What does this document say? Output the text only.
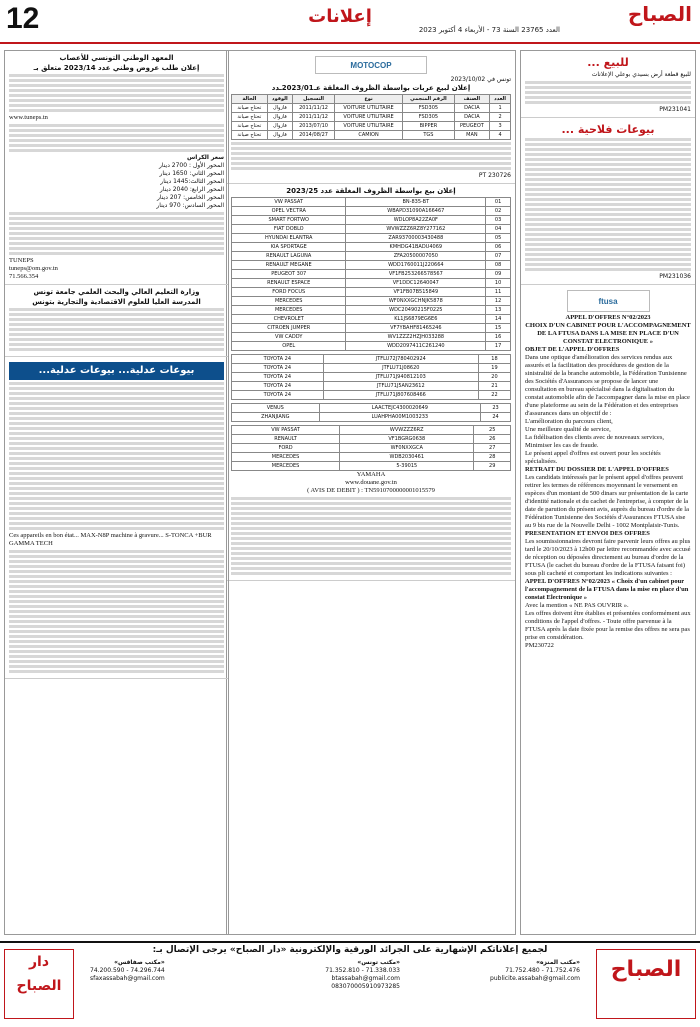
12	إعلانات	الصباح
العدد 23765 السنة 73 - الأربعاء 4 أكتوبر 2023
للبيع ...
للبيع قطعة أرض بسيدي بوعلي الإعلانات
PM231041
بيوعات فلاحية ...
PM231036
ftusa
APPEL D'OFFRES N°02/2023
CHOIX D'UN CABINET POUR L'ACCOMPAGNEMENT DE LA FTUSA DANS LA MISE EN PLACE D'UN CONSTAT ELECTRONIQUE »
OBJET DE L'APPEL D'OFFRES
Dans une optique d'amélioration des services rendus aux assurés et la facilitation des procédures de gestion de la sinistralité de la branche automobile, la Fédération Tunisienne des Sociétés d'Assurances se propose de lancer une consultation en bureau spécialisé dans la digitalisation du constat automobile afin de l'accompagner dans la mise en place d'une plateforme au sein de la Fédération et des entreprises d'assurances dans un objectif de :
L'amélioration du parcours client,
Une meilleure qualité de service,
La fidélisation des clients avec de nouveaux services,
Minimiser les cas de fraude.
Le présent appel d'offres est ouvert pour les sociétés spécialisées.
RETRAIT DU DOSSIER DE L'APPEL D'OFFRES
Les candidats intéressés par le présent appel d'offres peuvent retirer les termes de références moyennant le versement en espèces d'un montant de 500 dinars sur présentation de la carte d'identité nationale et du cachet de l'entreprise, à compter de la date de parution du présent avis, auprès du bureau d'ordre de la Fédération Tunisienne des Sociétés d'Assurances FTUSA sise au 9 bis rue de la Nouvelle Delhi - 1002 Montplaisir-Tunis.
PRESENTATION ET ENVOI DES OFFRES
Les soumissionnaires devront faire parvenir leurs offres au plus tard le 20/10/2023 à 12h00 par lettre recommandée avec accusé de réception ou déposées directement au bureau d'ordre de la FTUSA (le cachet du bureau d'ordre de la FTUSA faisant foi) sous pli cacheté et comportant les indications suivantes :
APPEL D'OFFRES N°02/2023 « Choix d'un cabinet pour l'accompagnement de la FTUSA dans la mise en place d'un constat Electronique »
Avec la mention « NE PAS OUVRIR ».
Les offres doivent être établies et présentées conformément aux conditions de l'appel d'offres. - Toute offre parvenue à la FTUSA après la date fixée pour la remise des offres ne sera pas prise en considération.
PM230722
MOTOCOP
تونس في 2023/10/02
إعلان لبيع عربات بواسطة الظروف المغلقة عـ2023/01ـدد
العدد	الصنف	الرقم المنجمي	نوع	التسجيل	الوقود	الحالة
1	DACIA	FSD305	VOITURE UTILITAIRE	2011/11/12	قازوال	تحتاج صيانة
2	DACIA	FSD305	VOITURE UTILITAIRE	2011/11/12	قازوال	تحتاج صيانة
3	PEUGEOT	BIPPER	VOITURE UTILITAIRE	2013/07/10	قازوال	تحتاج صيانة
4	MAN	TGS	CAMION	2014/08/27	قازوال	تحتاج صيانة
PT 230726
إعلان بيع بواسطة الظروف المغلقة عدد 2023/25
01	BN-835-BT	VW PASSAT
02	WBAPD31090A166467	OPEL VECTRA
03	WDLOP8A22ZA0F	SMART FORTWO
04	WVWZZZ6RZ8Y277162	FIAT DOBLO
05	ZAR93700003430488	HYUNDAI ELANTRA
06	KMHDG41BADU4069	KIA SPORTAGE
07	ZFA20500007050	RENAULT LAGUNA
08	WDD1760011J220664	RENAULT MEGANE
09	VF1FB253266578567	PEUGEOT 307
10	VF1DDC12640047	RENAULT ESPACE
11	VF1FB07B515849	FORD FOCUS
12	WF0NXXGCHNJK5878	MERCEDES
13	WDC20490215F0225	MERCEDES
14	KL1JS6879EG6E6	CHEVROLET
15	VF7YBAHF81465246	CITROEN JUMPER
16	WV1ZZZ2HZJH033288	VW CADDY
17	WDD2097411C261240	OPEL
18	JTFLU72J780402924	TOYOTA 24
19	JTFLU71J08620	TOYOTA 24
20	JTFLU71J940812103	TOYOTA 24
21	JTFLU71J5AN23612	TOYOTA 24
22	JTFLU71J807608466	TOYOTA 24
23	LAACTEJC4300020649	VENUS
24	LUAHPHA00M1003233	ZHANJIANG
25	WVWZZZ6RZ	VW PASSAT
26	VF1BGRG0638	RENAULT
27	WF0NXXGCA	FORD
28	WDB2030461	MERCEDES
29	5-39015	MERCEDES
YAMAHA
www.douane.gov.tn
( AVIS DE DEBIT ) : TN5910700000001015579
المعهد الوطني التونسي للأعصاب
إعلان طلب عروض وطني عدد 2023/14 متعلق بـ
www.tuneps.tn
سعر الكراس
المحور الأول : 2700 دينار
المحور الثاني: 1650 دينار
المحور الثالث:1445 دينار
المحور الرابع: 2040 دينار
المحور الخامس: 207 دينار
المحور السادس: 970 دينار
TUNEPS
tuneps@om.gov.tn
71.566.354
وزارة التعليم العالي والبحث العلمي جامعة تونس
المدرسة العليا للعلوم الاقتصادية والتجارية بتونس
بيوعات عدلية... بيوعات عدلية...
Ces appareils en bon état... MAX-N8P machine à gravure... S-TONCA +BUR GAMMA TECH
الصباح
دار الصباح
لجميع إعلاناتكم الإشهارية على الجرائد الورقية والإلكترونية «دار الصباح» يرجى الإتصال بـ:
«مكتب المنزه»
71.752.476 - 71.752.480
publicite.assabah@gmail.com
«مكتب تونس»
71.338.033 - 71.352.810
btassabah@gmail.com
083070005910973285
«مكتب صفاقس»
74.296.744 - 74.200.590
sfaxassabah@gmail.com
